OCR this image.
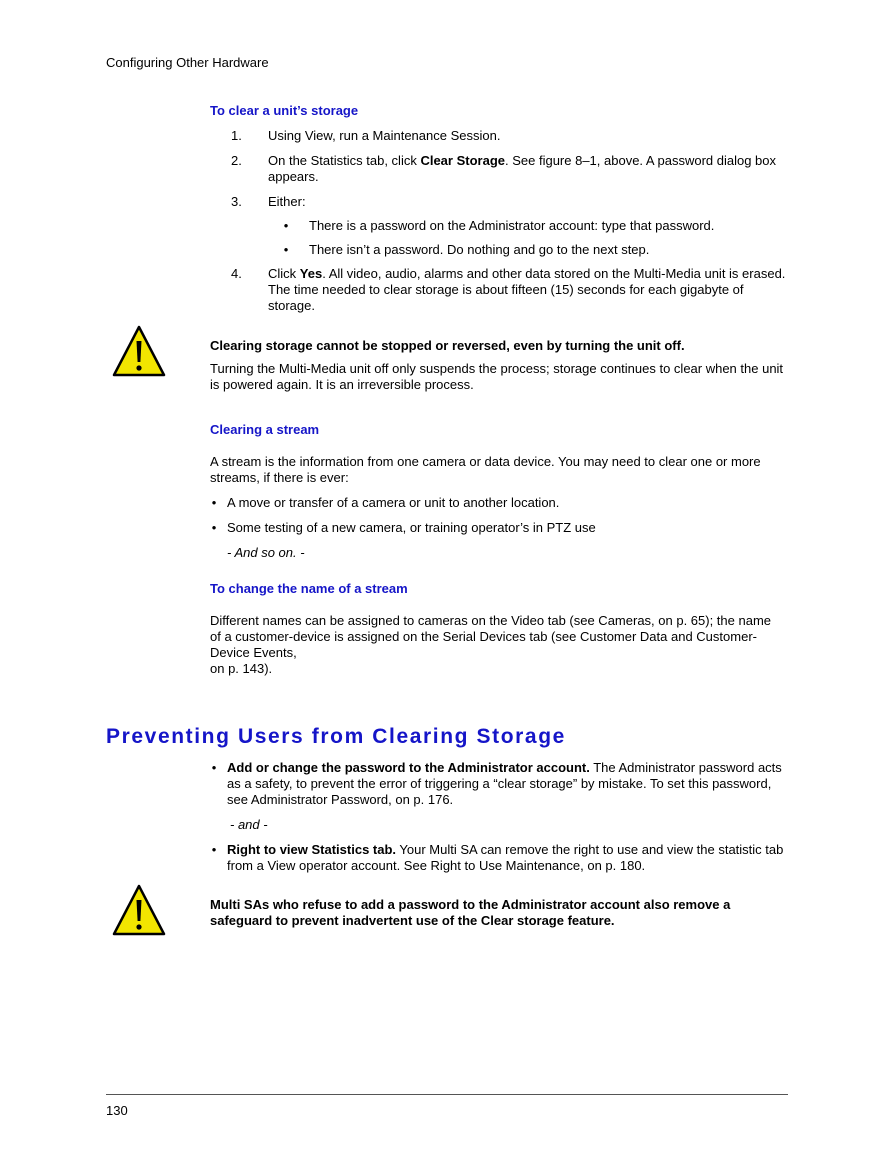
Configuring Other Hardware
To clear a unit’s storage
1.	Using View, run a Maintenance Session.
2.	On the Statistics tab, click Clear Storage. See figure 8–1, above. A password dialog box appears.
3.	Either:
• There is a password on the Administrator account: type that password.
• There isn’t a password. Do nothing and go to the next step.
4.	Click Yes. All video, audio, alarms and other data stored on the Multi-Media unit is erased. The time needed to clear storage is about fifteen (15) seconds for each gigabyte of storage.
Clearing storage cannot be stopped or reversed, even by turning the unit off.
Turning the Multi-Media unit off only suspends the process; storage continues to clear when the unit is powered again. It is an irreversible process.
Clearing a stream
A stream is the information from one camera or data device. You may need to clear one or more streams, if there is ever:
• A move or transfer of a camera or unit to another location.
• Some testing of a new camera, or training operator’s in PTZ use
- And so on. -
To change the name of a stream
Different names can be assigned to cameras on the Video tab (see Cameras, on p. 65); the name of a customer-device is assigned on the Serial Devices tab (see Customer Data and Customer-Device Events,
on p. 143).
Preventing Users from Clearing Storage
• Add or change the password to the Administrator account. The Administrator password acts as a safety, to prevent the error of triggering a “clear storage” by mistake. To set this password, see Administrator Password, on p. 176.
- and -
• Right to view Statistics tab. Your Multi SA can remove the right to use and view the statistic tab from a View operator account. See Right to Use Maintenance, on p. 180.
Multi SAs who refuse to add a password to the Administrator account also remove a safeguard to prevent inadvertent use of the Clear storage feature.
130
